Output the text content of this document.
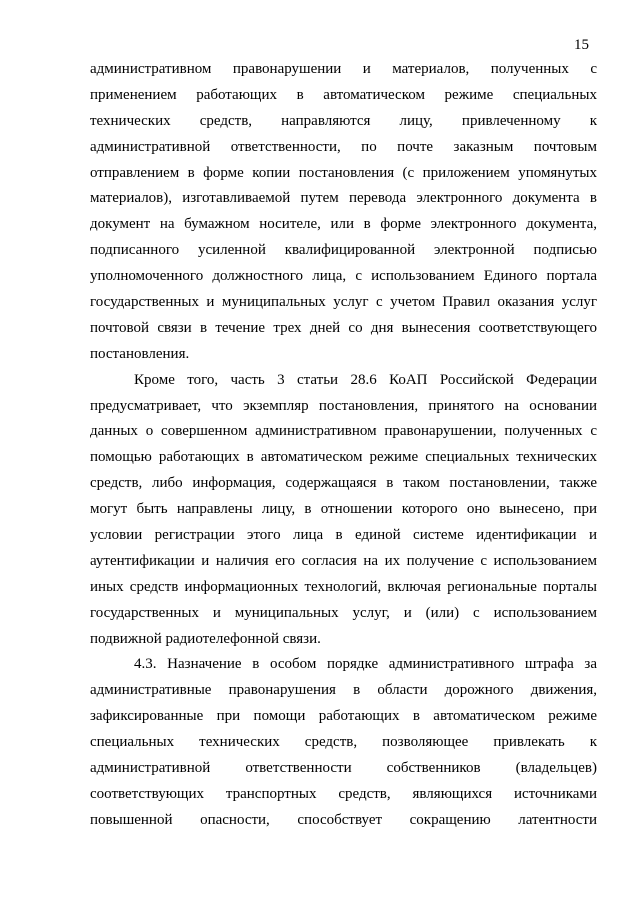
15
административном правонарушении и материалов, полученных с
применением работающих в автоматическом режиме специальных
технических средств, направляются лицу, привлеченному к
административной ответственности, по почте заказным почтовым
отправлением в форме копии постановления (с приложением упомянутых
материалов), изготавливаемой путем перевода электронного документа в
документ на бумажном носителе, или в форме электронного документа,
подписанного усиленной квалифицированной электронной подписью
уполномоченного должностного лица, с использованием Единого портала
государственных и муниципальных услуг с учетом Правил оказания услуг
почтовой связи в течение трех дней со дня вынесения соответствующего
постановления.
Кроме того, часть 3 статьи 28.6 КоАП Российской Федерации
предусматривает, что экземпляр постановления, принятого на основании
данных о совершенном административном правонарушении, полученных с
помощью работающих в автоматическом режиме специальных технических
средств, либо информация, содержащаяся в таком постановлении, также
могут быть направлены лицу, в отношении которого оно вынесено, при
условии регистрации этого лица в единой системе идентификации и
аутентификации и наличия его согласия на их получение с использованием
иных средств информационных технологий, включая региональные порталы
государственных и муниципальных услуг, и (или) с использованием
подвижной радиотелефонной связи.
4.3. Назначение в особом порядке административного штрафа за
административные правонарушения в области дорожного движения,
зафиксированные при помощи работающих в автоматическом режиме
специальных технических средств, позволяющее привлекать к
административной ответственности собственников (владельцев)
соответствующих транспортных средств, являющихся источниками
повышенной опасности, способствует сокращению латентности
